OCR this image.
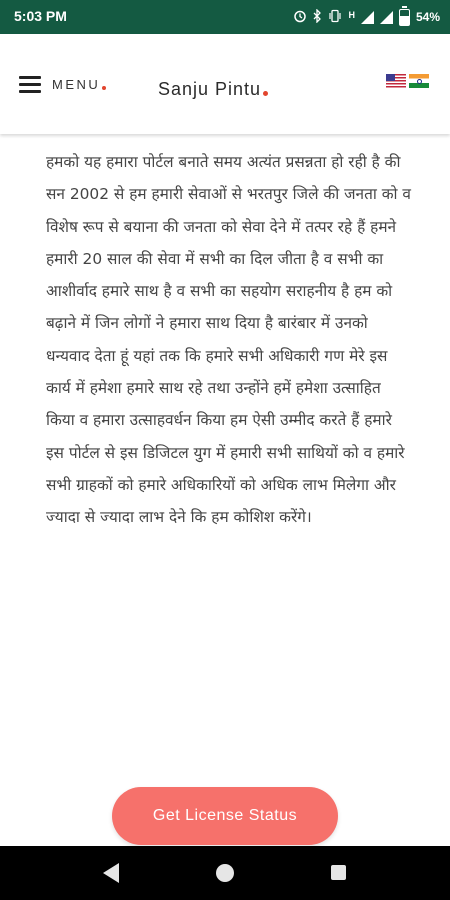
5:03 PM	$^H$	54%
MENU	Sanju Pintu
हमको यह हमारा पोर्टल बनाते समय अत्यंत प्रसन्नता हो रही है की सन 2002 से हम हमारी सेवाओं से भरतपुर जिले की जनता को व विशेष रूप से बयाना की जनता को सेवा देने में तत्पर रहे हैं हमने हमारी 20 साल की सेवा में सभी का दिल जीता है व सभी का आशीर्वाद हमारे साथ है व सभी का सहयोग सराहनीय है हम को बढ़ाने में जिन लोगों ने हमारा साथ दिया है बारंबार में उनको धन्यवाद देता हूं यहां तक कि हमारे सभी अधिकारी गण मेरे इस कार्य में हमेशा हमारे साथ रहे तथा उन्होंने हमें हमेशा उत्साहित किया व हमारा उत्साहवर्धन किया हम ऐसी उम्मीद करते हैं हमारे इस पोर्टल से इस डिजिटल युग में हमारी सभी साथियों को व हमारे सभी ग्राहकों को हमारे अधिकारियों को अधिक लाभ मिलेगा और ज्यादा से ज्यादा लाभ देने कि हम कोशिश करेंगे।
Get License Status
